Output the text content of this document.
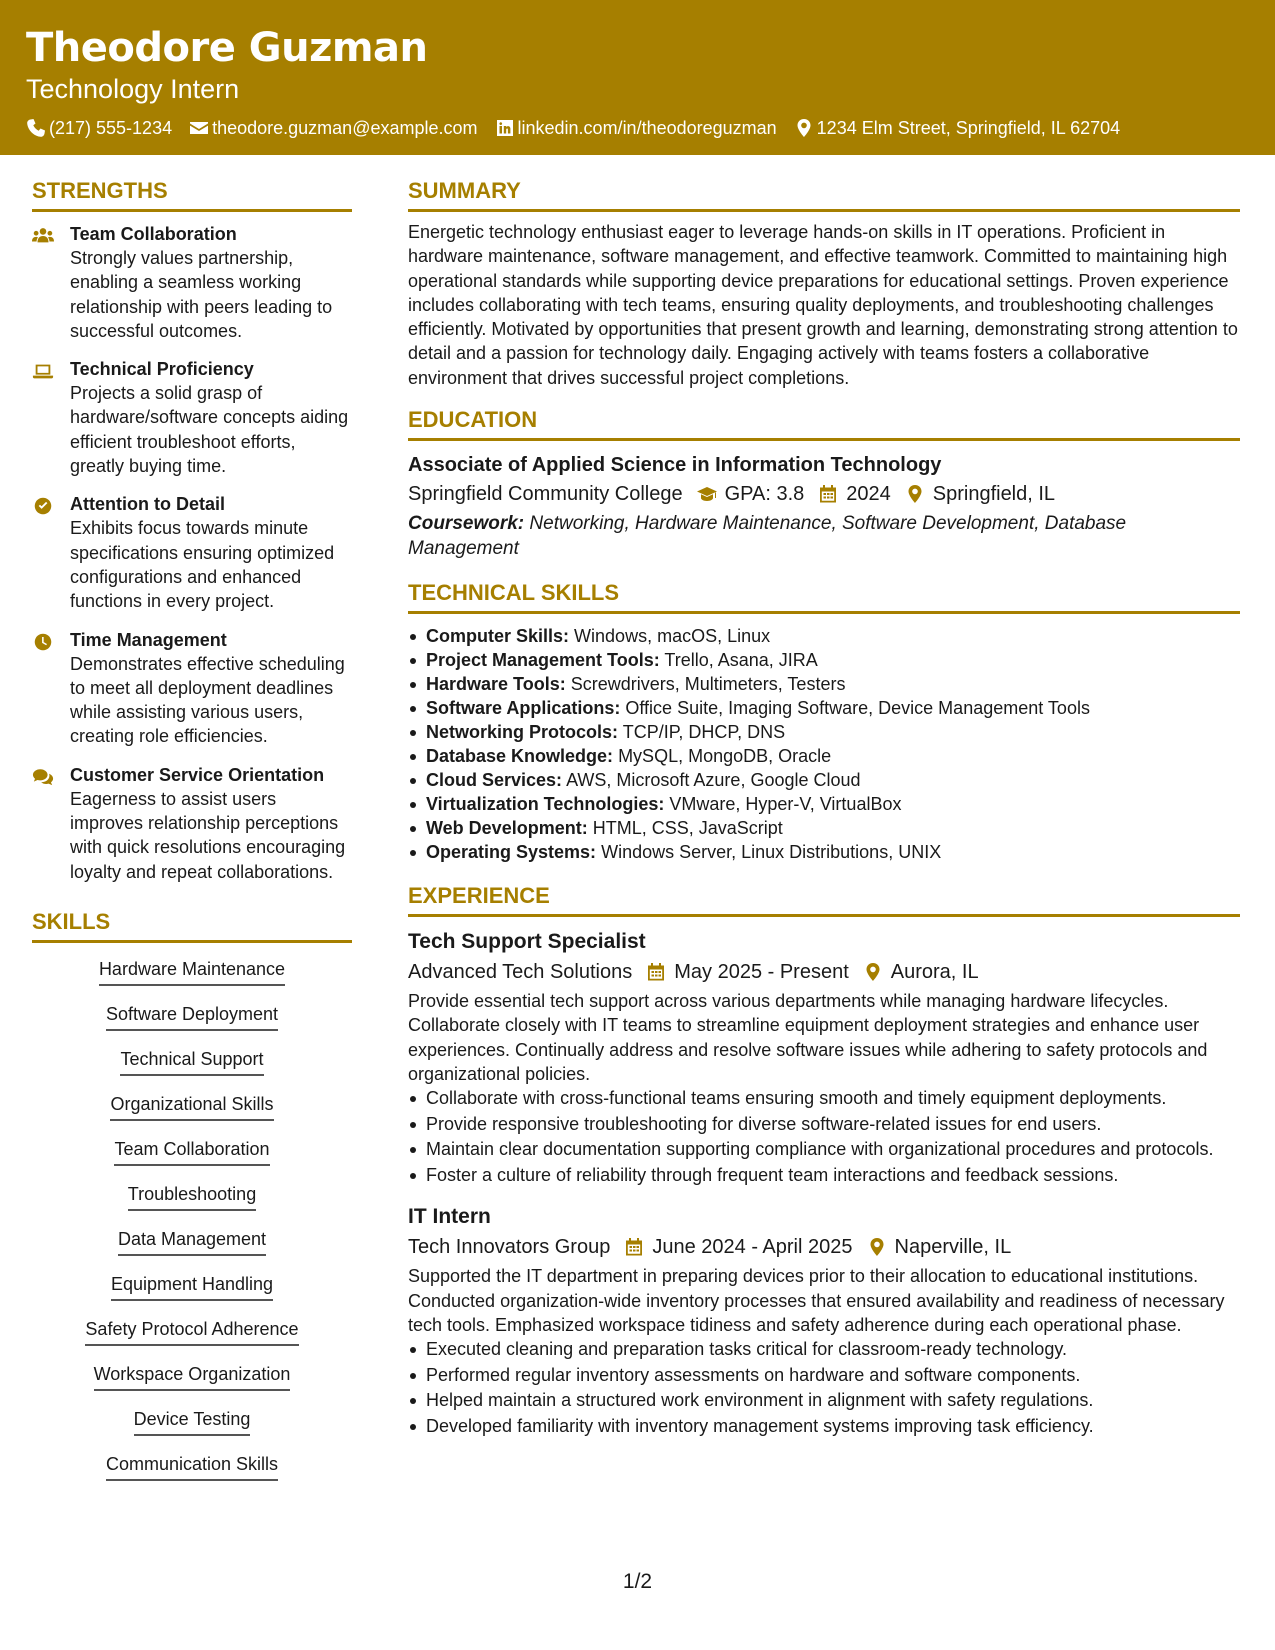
Theodore Guzman
Technology Intern
(217) 555-1234 theodore.guzman@example.com linkedin.com/in/theodoreguzman 1234 Elm Street, Springfield, IL 62704
STRENGTHS
Team Collaboration
Strongly values partnership, enabling a seamless working relationship with peers leading to successful outcomes.
Technical Proficiency
Projects a solid grasp of hardware/software concepts aiding efficient troubleshoot efforts, greatly buying time.
Attention to Detail
Exhibits focus towards minute specifications ensuring optimized configurations and enhanced functions in every project.
Time Management
Demonstrates effective scheduling to meet all deployment deadlines while assisting various users, creating role efficiencies.
Customer Service Orientation
Eagerness to assist users improves relationship perceptions with quick resolutions encouraging loyalty and repeat collaborations.
SKILLS
Hardware Maintenance
Software Deployment
Technical Support
Organizational Skills
Team Collaboration
Troubleshooting
Data Management
Equipment Handling
Safety Protocol Adherence
Workspace Organization
Device Testing
Communication Skills
SUMMARY
Energetic technology enthusiast eager to leverage hands-on skills in IT operations. Proficient in hardware maintenance, software management, and effective teamwork. Committed to maintaining high operational standards while supporting device preparations for educational settings. Proven experience includes collaborating with tech teams, ensuring quality deployments, and troubleshooting challenges efficiently. Motivated by opportunities that present growth and learning, demonstrating strong attention to detail and a passion for technology daily. Engaging actively with teams fosters a collaborative environment that drives successful project completions.
EDUCATION
Associate of Applied Science in Information Technology
Springfield Community College GPA: 3.8 2024 Springfield, IL
Coursework: Networking, Hardware Maintenance, Software Development, Database Management
TECHNICAL SKILLS
Computer Skills: Windows, macOS, Linux
Project Management Tools: Trello, Asana, JIRA
Hardware Tools: Screwdrivers, Multimeters, Testers
Software Applications: Office Suite, Imaging Software, Device Management Tools
Networking Protocols: TCP/IP, DHCP, DNS
Database Knowledge: MySQL, MongoDB, Oracle
Cloud Services: AWS, Microsoft Azure, Google Cloud
Virtualization Technologies: VMware, Hyper-V, VirtualBox
Web Development: HTML, CSS, JavaScript
Operating Systems: Windows Server, Linux Distributions, UNIX
EXPERIENCE
Tech Support Specialist
Advanced Tech Solutions May 2025 - Present Aurora, IL
Provide essential tech support across various departments while managing hardware lifecycles. Collaborate closely with IT teams to streamline equipment deployment strategies and enhance user experiences. Continually address and resolve software issues while adhering to safety protocols and organizational policies.
Collaborate with cross-functional teams ensuring smooth and timely equipment deployments.
Provide responsive troubleshooting for diverse software-related issues for end users.
Maintain clear documentation supporting compliance with organizational procedures and protocols.
Foster a culture of reliability through frequent team interactions and feedback sessions.
IT Intern
Tech Innovators Group June 2024 - April 2025 Naperville, IL
Supported the IT department in preparing devices prior to their allocation to educational institutions. Conducted organization-wide inventory processes that ensured availability and readiness of necessary tech tools. Emphasized workspace tidiness and safety adherence during each operational phase.
Executed cleaning and preparation tasks critical for classroom-ready technology.
Performed regular inventory assessments on hardware and software components.
Helped maintain a structured work environment in alignment with safety regulations.
Developed familiarity with inventory management systems improving task efficiency.
1/2
